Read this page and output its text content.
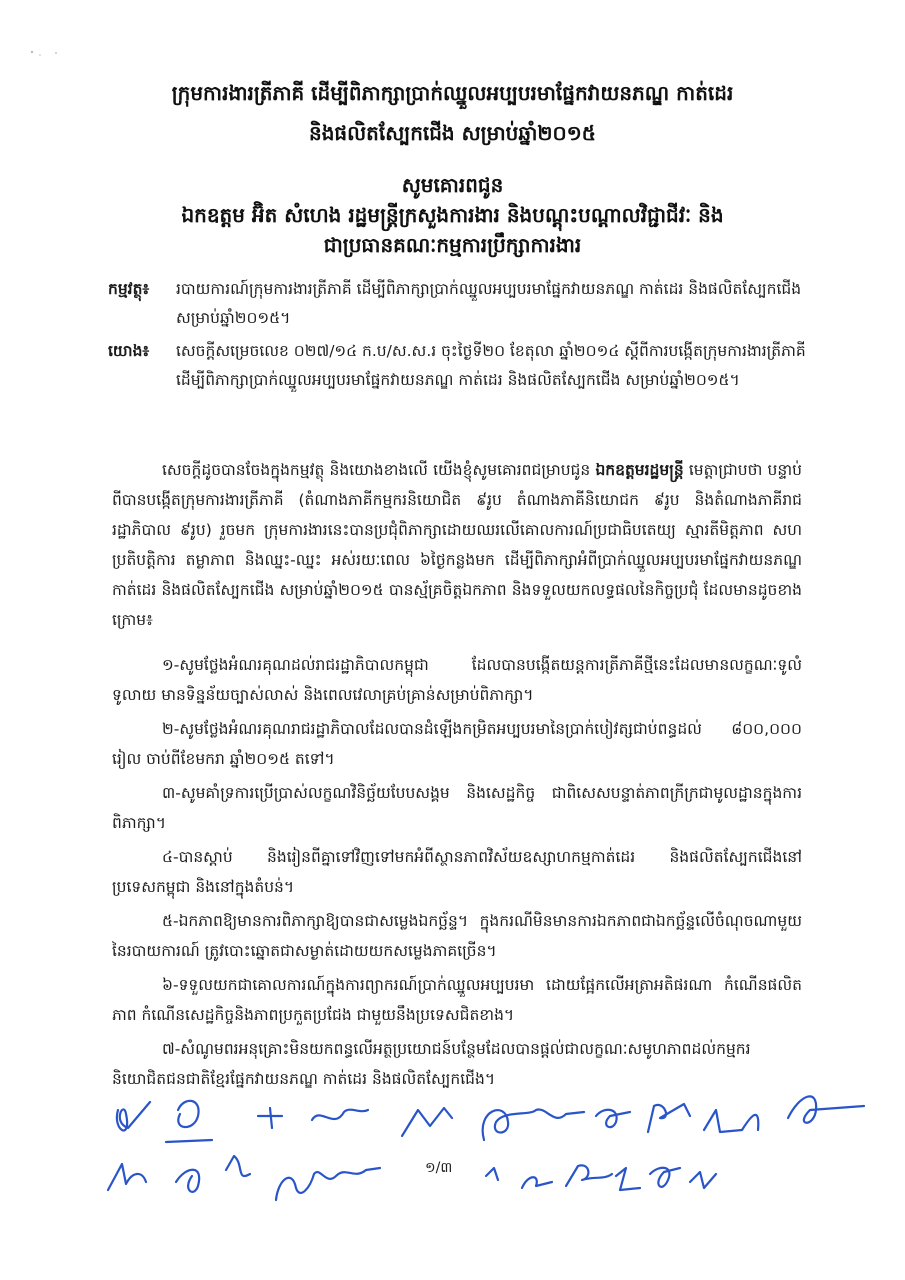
ក្រុមការងារត្រីភាគី ដើម្បីពិភាក្សាប្រាក់ឈ្នួលអប្បបរមាផ្នែកវាយនភណ្ឌ កាត់ដេរ
និងផលិតស្បែកជើង សម្រាប់ឆ្នាំ២០១៥
សូមគោរពជូន
ឯកឧត្តម អ៊ិត សំហេង រដ្ឋមន្ត្រីក្រសួងការងារ និងបណ្តុះបណ្តាលវិជ្ជាជីវៈ និង
ជាប្រធានគណៈកម្មការប្រឹក្សាការងារ
កម្មវត្ថុ៖	របាយការណ៍ក្រុមការងារត្រីភាគី ដើម្បីពិភាក្សាប្រាក់ឈ្នួលអប្បបរមាផ្នែកវាយនភណ្ឌ កាត់ដេរ និងផលិតស្បែកជើង សម្រាប់ឆ្នាំ២០១៥។
យោង៖	សេចក្តីសម្រេចលេខ ០២៧/១៤ ក.ប/ស.ស.រ ចុះថ្ងៃទី២០ ខែតុលា ឆ្នាំ២០១៤ ស្តីពីការបង្កើតក្រុមការងារត្រីភាគី ដើម្បីពិភាក្សាប្រាក់ឈ្នួលអប្បបរមាផ្នែកវាយនភណ្ឌ កាត់ដេរ និងផលិតស្បែកជើង សម្រាប់ឆ្នាំ២០១៥។
សេចក្តីដូចបានចែងក្នុងកម្មវត្ថុ និងយោងខាងលើ យើងខ្ញុំសូមគោរពជម្រាបជូន ឯកឧត្តមរដ្ឋមន្ត្រី មេត្តាជ្រាបថា បន្ទាប់ពីបានបង្កើតក្រុមការងារត្រីភាគី (តំណាងភាគីកម្មករនិយោជិត ៩រូប តំណាងភាគីនិយោជក ៩រូប និងតំណាងភាគីរាជរដ្ឋាភិបាល ៩រូប) រួចមក ក្រុមការងារនេះបានប្រជុំពិភាក្សាដោយឈរលើគោលការណ៍ប្រជាធិបតេយ្យ ស្មារតីមិត្តភាព សហប្រតិបត្តិការ តម្លាភាព និងឈ្នះ-ឈ្នះ អស់រយៈពេល ៦ថ្ងៃកន្លងមក ដើម្បីពិភាក្សាអំពីប្រាក់ឈ្នួលអប្បបរមាផ្នែកវាយនភណ្ឌ កាត់ដេរ និងផលិតស្បែកជើង សម្រាប់ឆ្នាំ២០១៥ បានស្ម័គ្រចិត្តឯកភាព និងទទួលយកលទ្ធផលនៃកិច្ចប្រជុំ ដែលមានដូចខាងក្រោម៖
១-សូមថ្លែងអំណរគុណដល់រាជរដ្ឋាភិបាលកម្ពុជា ដែលបានបង្កើតយន្តការត្រីភាគីថ្មីនេះដែលមានលក្ខណៈទូលំទូលាយ មានទិន្នន័យច្បាស់លាស់ និងពេលវេលាគ្រប់គ្រាន់សម្រាប់ពិភាក្សា។
២-សូមថ្លែងអំណរគុណរាជរដ្ឋាភិបាលដែលបានដំឡើងកម្រិតអប្បបរមានៃប្រាក់បៀវត្សជាប់ពន្ធដល់ ៨០០,០០០ រៀល ចាប់ពីខែមករា ឆ្នាំ២០១៥ តទៅ។
៣-សូមគាំទ្រការប្រើប្រាស់លក្ខណវិនិច្ឆ័យបែបសង្គម និងសេដ្ឋកិច្ច ជាពិសេសបន្ទាត់ភាពក្រីក្រជាមូលដ្ឋានក្នុងការពិភាក្សា។
៤-បានស្តាប់ និងរៀនពីគ្នាទៅវិញទៅមកអំពីស្ថានភាពវិស័យឧស្សាហកម្មកាត់ដេរ និងផលិតស្បែកជើងនៅប្រទេសកម្ពុជា និងនៅក្នុងតំបន់។
៥-ឯកភាពឱ្យមានការពិភាក្សាឱ្យបានជាសម្លេងឯកច្ឆ័ន្ទ។ ក្នុងករណីមិនមានការឯកភាពជាឯកច្ឆ័ន្ទលើចំណុចណាមួយនៃរបាយការណ៍ ត្រូវបោះឆ្នោតជាសម្ងាត់ដោយយកសម្លេងភាគច្រើន។
៦-ទទួលយកជាគោលការណ៍ក្នុងការព្យាករណ៍ប្រាក់ឈ្នួលអប្បបរមា ដោយផ្អែកលើអត្រាអតិផរណា កំណើនផលិតភាព កំណើនសេដ្ឋកិច្ចនិងភាពប្រកួតប្រជែង ជាមួយនឹងប្រទេសជិតខាង។
៧-សំណូមពរអនុគ្រោះមិនយកពន្ធលើអត្ថប្រយោជន៍បន្ថែមដែលបានផ្តល់ជាលក្ខណៈសមូហភាពដល់កម្មករនិយោជិតជនជាតិខ្មែរផ្នែកវាយនភណ្ឌ កាត់ដេរ និងផលិតស្បែកជើង។
១/៣
